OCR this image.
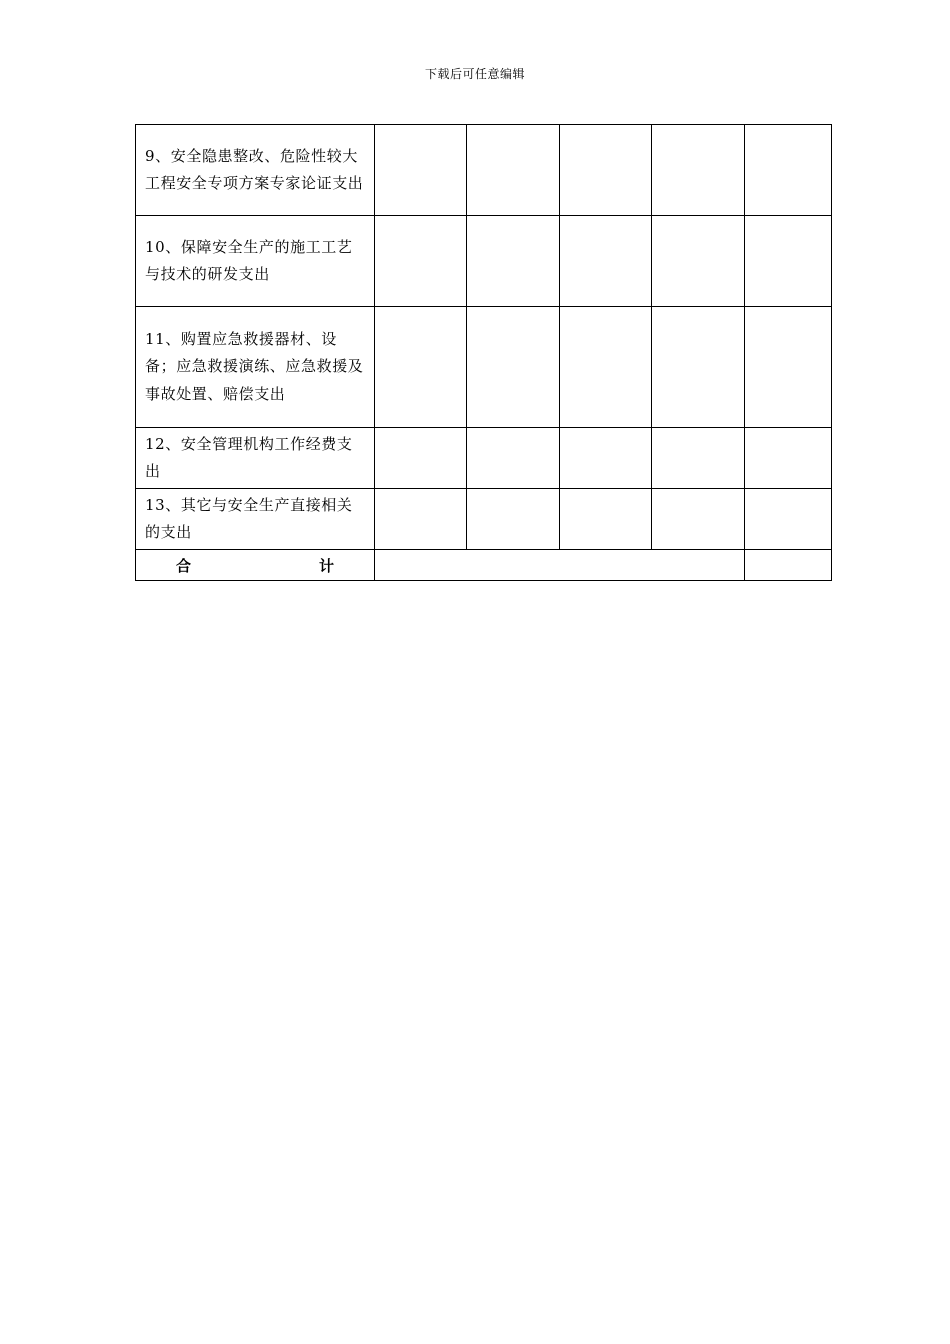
下载后可任意编辑
9、安全隐患整改、危险性较大工程安全专项方案专家论证支出					
10、保障安全生产的施工工艺与技术的研发支出					
11、购置应急救援器材、设备；应急救援演练、应急救援及事故处置、赔偿支出					
12、安全管理机构工作经费支出					
13、其它与安全生产直接相关的支出					

合 计					
